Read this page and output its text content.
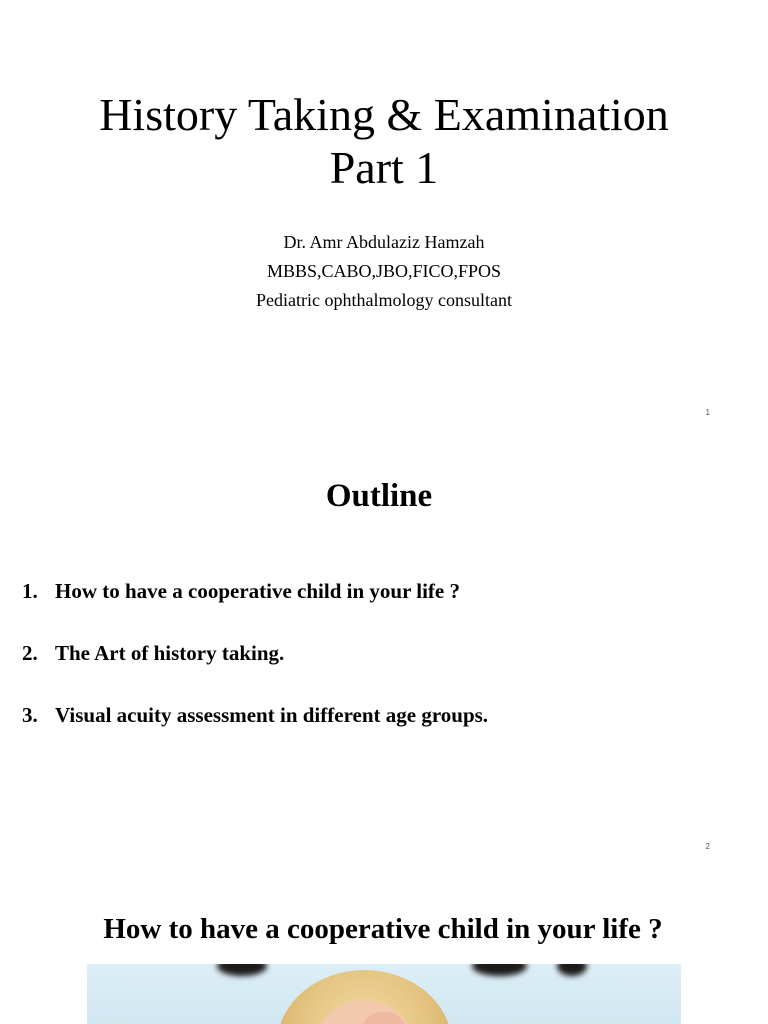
History Taking & Examination
Part 1
Dr. Amr Abdulaziz Hamzah
MBBS,CABO,JBO,FICO,FPOS
Pediatric ophthalmology consultant
1
Outline
1. How to have a cooperative child in your life ?
2. The Art of history taking.
3. Visual acuity assessment in different age groups.
2
How to have a cooperative child in your life ?
